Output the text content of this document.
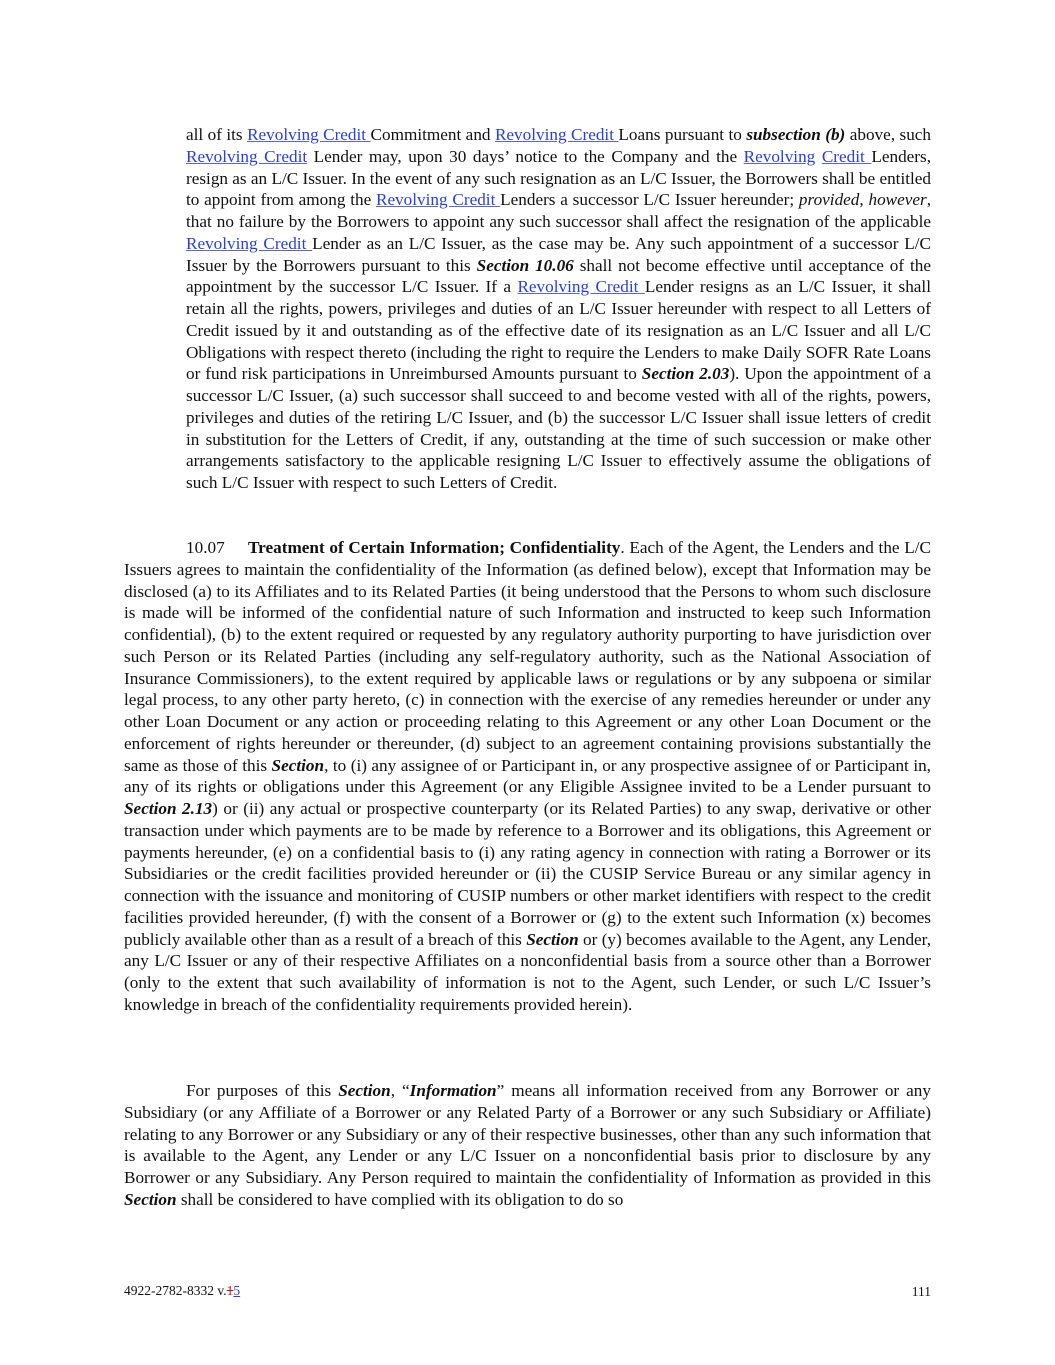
all of its Revolving Credit Commitment and Revolving Credit Loans pursuant to subsection (b) above, such Revolving Credit Lender may, upon 30 days’ notice to the Company and the Revolving Credit Lenders, resign as an L/C Issuer. In the event of any such resignation as an L/C Issuer, the Borrowers shall be entitled to appoint from among the Revolving Credit Lenders a successor L/C Issuer hereunder; provided, however, that no failure by the Borrowers to appoint any such successor shall affect the resignation of the applicable Revolving Credit Lender as an L/C Issuer, as the case may be. Any such appointment of a successor L/C Issuer by the Borrowers pursuant to this Section 10.06 shall not become effective until acceptance of the appointment by the successor L/C Issuer. If a Revolving Credit Lender resigns as an L/C Issuer, it shall retain all the rights, powers, privileges and duties of an L/C Issuer hereunder with respect to all Letters of Credit issued by it and outstanding as of the effective date of its resignation as an L/C Issuer and all L/C Obligations with respect thereto (including the right to require the Lenders to make Daily SOFR Rate Loans or fund risk participations in Unreimbursed Amounts pursuant to Section 2.03). Upon the appointment of a successor L/C Issuer, (a) such successor shall succeed to and become vested with all of the rights, powers, privileges and duties of the retiring L/C Issuer, and (b) the successor L/C Issuer shall issue letters of credit in substitution for the Letters of Credit, if any, outstanding at the time of such succession or make other arrangements satisfactory to the applicable resigning L/C Issuer to effectively assume the obligations of such L/C Issuer with respect to such Letters of Credit.

10.07 Treatment of Certain Information; Confidentiality. Each of the Agent, the Lenders and the L/C Issuers agrees to maintain the confidentiality of the Information (as defined below), except that Information may be disclosed (a) to its Affiliates and to its Related Parties (it being understood that the Persons to whom such disclosure is made will be informed of the confidential nature of such Information and instructed to keep such Information confidential), (b) to the extent required or requested by any regulatory authority purporting to have jurisdiction over such Person or its Related Parties (including any self-regulatory authority, such as the National Association of Insurance Commissioners), to the extent required by applicable laws or regulations or by any subpoena or similar legal process, to any other party hereto, (c) in connection with the exercise of any remedies hereunder or under any other Loan Document or any action or proceeding relating to this Agreement or any other Loan Document or the enforcement of rights hereunder or thereunder, (d) subject to an agreement containing provisions substantially the same as those of this Section, to (i) any assignee of or Participant in, or any prospective assignee of or Participant in, any of its rights or obligations under this Agreement (or any Eligible Assignee invited to be a Lender pursuant to Section 2.13) or (ii) any actual or prospective counterparty (or its Related Parties) to any swap, derivative or other transaction under which payments are to be made by reference to a Borrower and its obligations, this Agreement or payments hereunder, (e) on a confidential basis to (i) any rating agency in connection with rating a Borrower or its Subsidiaries or the credit facilities provided hereunder or (ii) the CUSIP Service Bureau or any similar agency in connection with the issuance and monitoring of CUSIP numbers or other market identifiers with respect to the credit facilities provided hereunder, (f) with the consent of a Borrower or (g) to the extent such Information (x) becomes publicly available other than as a result of a breach of this Section or (y) becomes available to the Agent, any Lender, any L/C Issuer or any of their respective Affiliates on a nonconfidential basis from a source other than a Borrower (only to the extent that such availability of information is not to the Agent, such Lender, or such L/C Issuer’s knowledge in breach of the confidentiality requirements provided herein).

For purposes of this Section, “Information” means all information received from any Borrower or any Subsidiary (or any Affiliate of a Borrower or any Related Party of a Borrower or any such Subsidiary or Affiliate) relating to any Borrower or any Subsidiary or any of their respective businesses, other than any such information that is available to the Agent, any Lender or any L/C Issuer on a nonconfidential basis prior to disclosure by any Borrower or any Subsidiary. Any Person required to maintain the confidentiality of Information as provided in this Section shall be considered to have complied with its obligation to do so

4922-2782-8332 v.15	111
